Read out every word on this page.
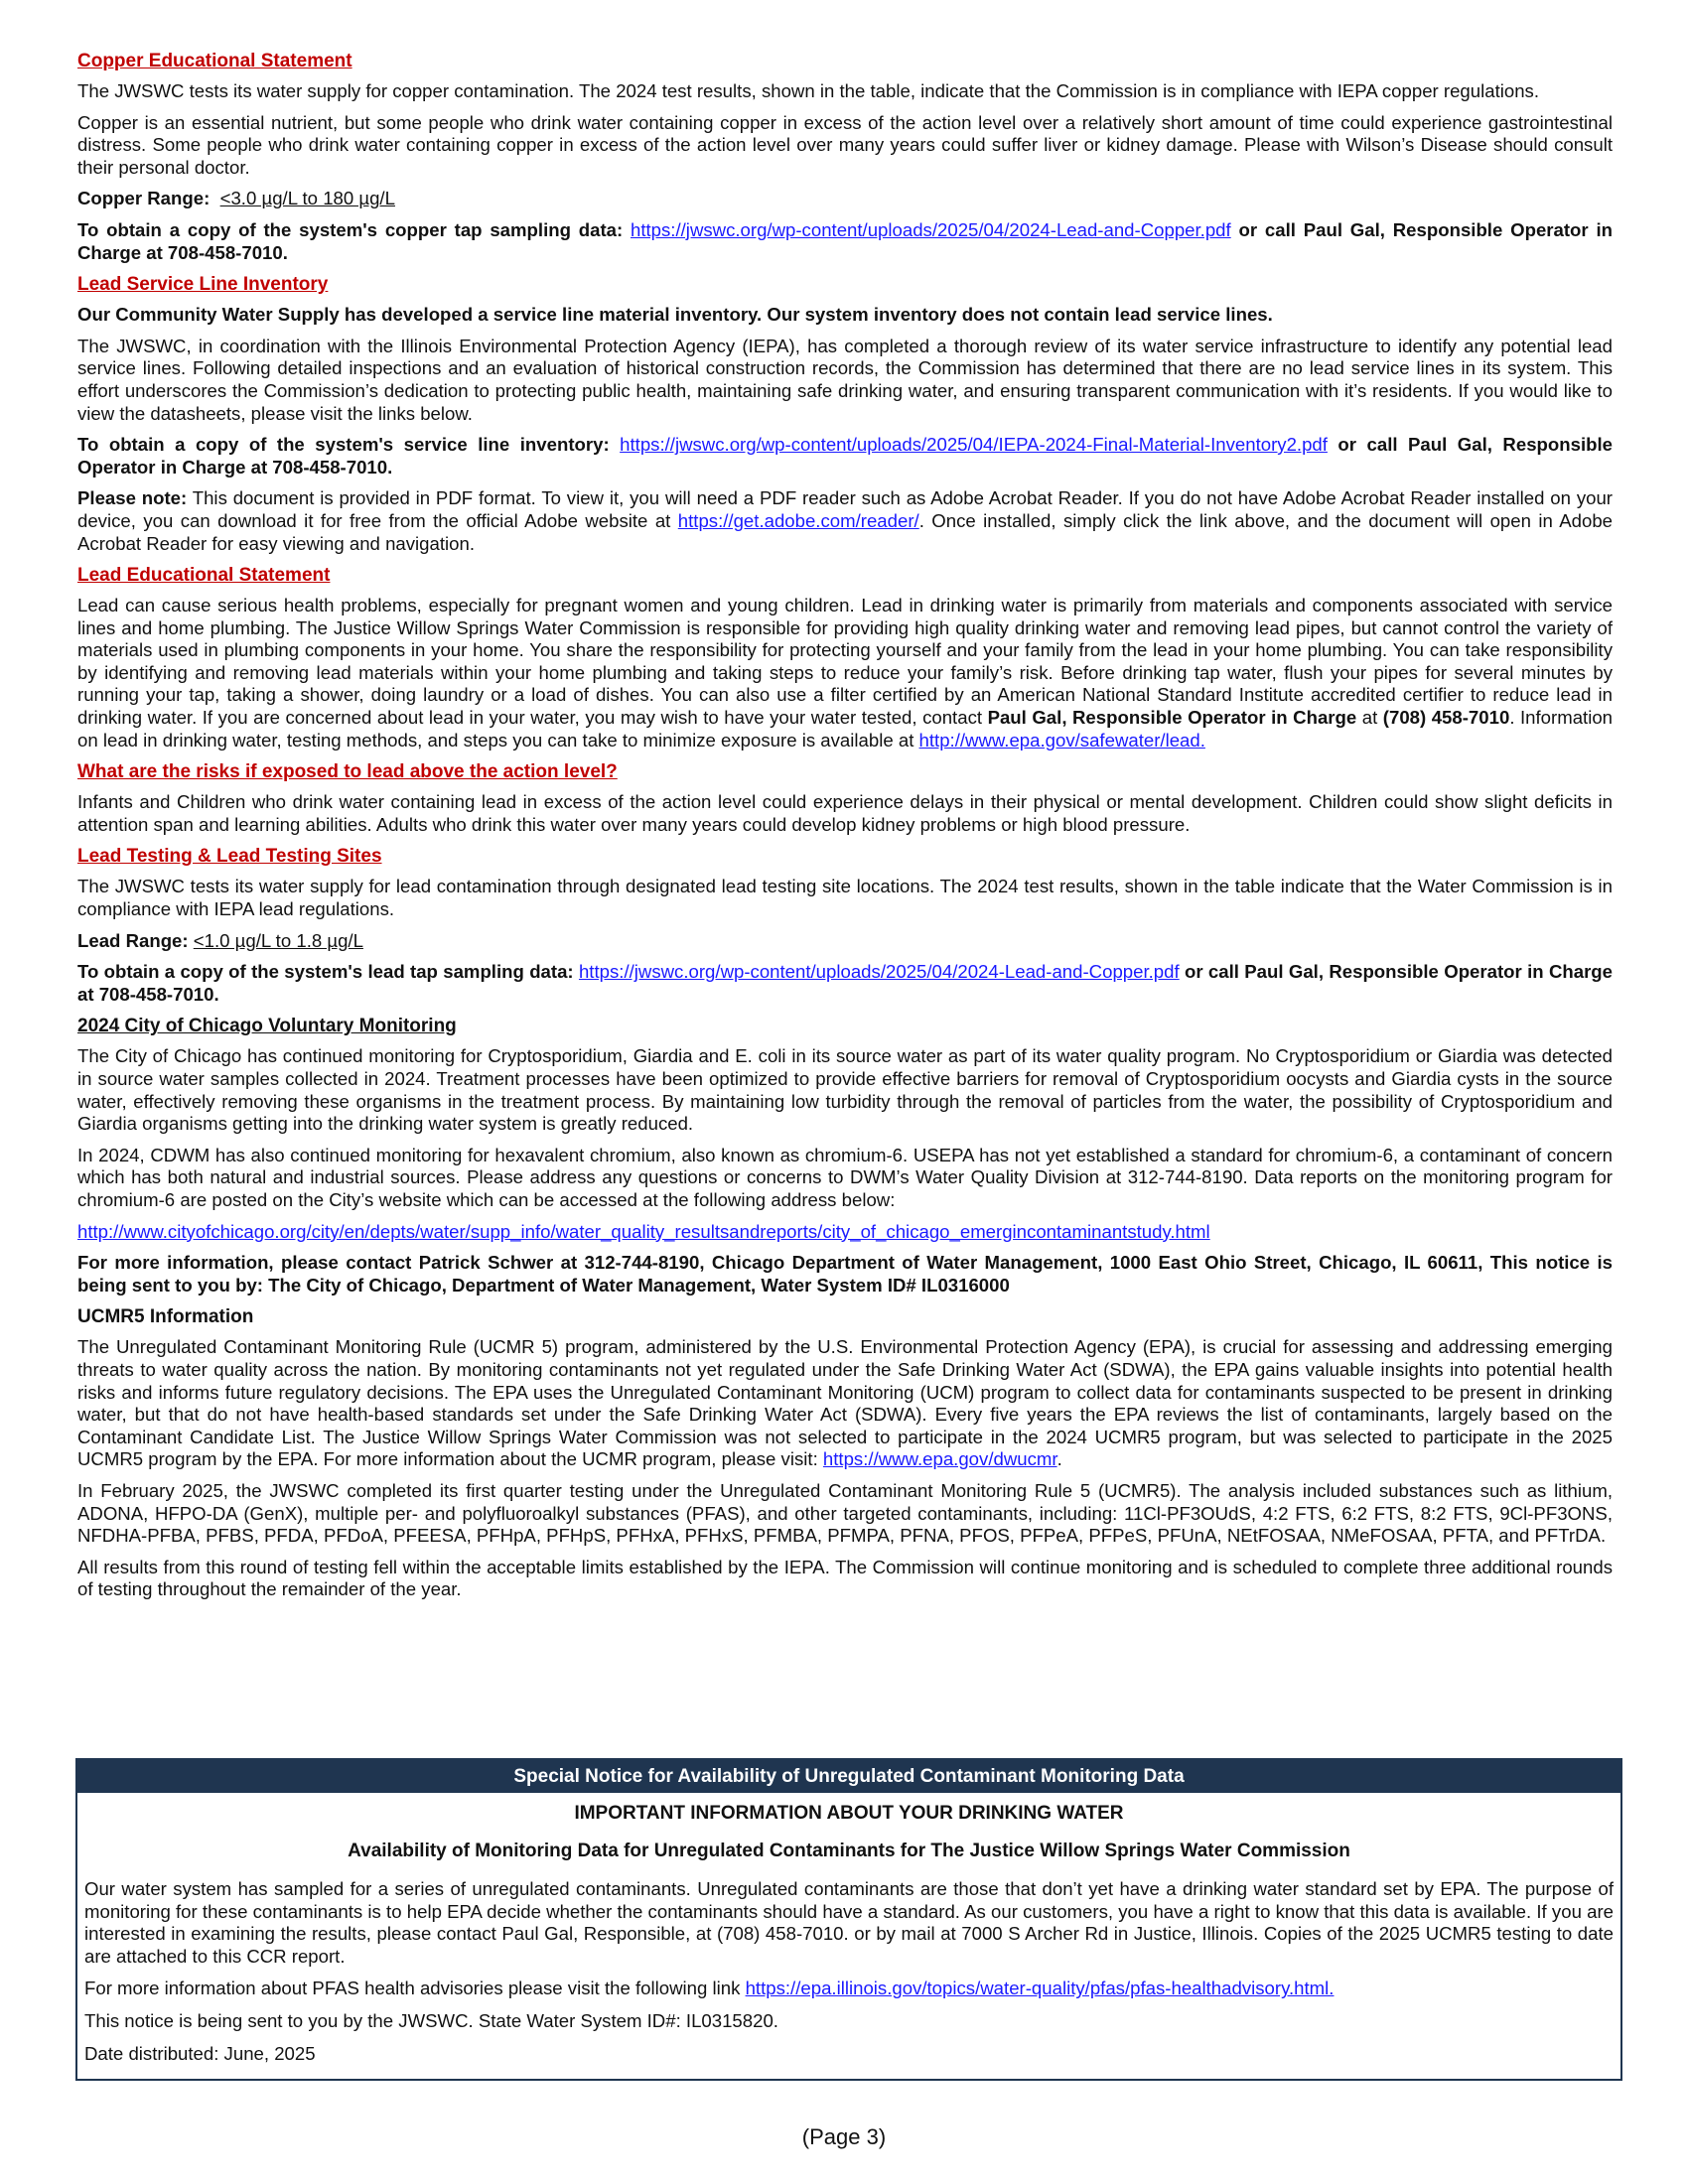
Copper Educational Statement

The JWSWC tests its water supply for copper contamination. The 2024 test results, shown in the table, indicate that the Commission is in compliance with IEPA copper regulations.

Copper is an essential nutrient, but some people who drink water containing copper in excess of the action level over a relatively short amount of time could experience gastrointestinal distress. Some people who drink water containing copper in excess of the action level over many years could suffer liver or kidney damage. Please with Wilson’s Disease should consult their personal doctor.

Copper Range: <3.0 µg/L to 180 µg/L

To obtain a copy of the system's copper tap sampling data: https://jwswc.org/wp-content/uploads/2025/04/2024-Lead-and-Copper.pdf or call Paul Gal, Responsible Operator in Charge at 708-458-7010.

Lead Service Line Inventory

Our Community Water Supply has developed a service line material inventory. Our system inventory does not contain lead service lines.

The JWSWC, in coordination with the Illinois Environmental Protection Agency (IEPA), has completed a thorough review of its water service infrastructure to identify any potential lead service lines. Following detailed inspections and an evaluation of historical construction records, the Commission has determined that there are no lead service lines in its system. This effort underscores the Commission’s dedication to protecting public health, maintaining safe drinking water, and ensuring transparent communication with it’s residents. If you would like to view the datasheets, please visit the links below.

To obtain a copy of the system's service line inventory: https://jwswc.org/wp-content/uploads/2025/04/IEPA-2024-Final-Material-Inventory2.pdf or call Paul Gal, Responsible Operator in Charge at 708-458-7010.

Please note: This document is provided in PDF format. To view it, you will need a PDF reader such as Adobe Acrobat Reader. If you do not have Adobe Acrobat Reader installed on your device, you can download it for free from the official Adobe website at https://get.adobe.com/reader/. Once installed, simply click the link above, and the document will open in Adobe Acrobat Reader for easy viewing and navigation.

Lead Educational Statement

Lead can cause serious health problems, especially for pregnant women and young children. Lead in drinking water is primarily from materials and components associated with service lines and home plumbing. The Justice Willow Springs Water Commission is responsible for providing high quality drinking water and removing lead pipes, but cannot control the variety of materials used in plumbing components in your home. You share the responsibility for protecting yourself and your family from the lead in your home plumbing. You can take responsibility by identifying and removing lead materials within your home plumbing and taking steps to reduce your family’s risk. Before drinking tap water, flush your pipes for several minutes by running your tap, taking a shower, doing laundry or a load of dishes. You can also use a filter certified by an American National Standard Institute accredited certifier to reduce lead in drinking water. If you are concerned about lead in your water, you may wish to have your water tested, contact Paul Gal, Responsible Operator in Charge at (708) 458-7010. Information on lead in drinking water, testing methods, and steps you can take to minimize exposure is available at http://www.epa.gov/safewater/lead.

What are the risks if exposed to lead above the action level?

Infants and Children who drink water containing lead in excess of the action level could experience delays in their physical or mental development. Children could show slight deficits in attention span and learning abilities. Adults who drink this water over many years could develop kidney problems or high blood pressure.

Lead Testing & Lead Testing Sites

The JWSWC tests its water supply for lead contamination through designated lead testing site locations. The 2024 test results, shown in the table indicate that the Water Commission is in compliance with IEPA lead regulations.

Lead Range: <1.0 µg/L to 1.8 µg/L

To obtain a copy of the system's lead tap sampling data: https://jwswc.org/wp-content/uploads/2025/04/2024-Lead-and-Copper.pdf or call Paul Gal, Responsible Operator in Charge at 708-458-7010.

2024 City of Chicago Voluntary Monitoring

The City of Chicago has continued monitoring for Cryptosporidium, Giardia and E. coli in its source water as part of its water quality program. No Cryptosporidium or Giardia was detected in source water samples collected in 2024. Treatment processes have been optimized to provide effective barriers for removal of Cryptosporidium oocysts and Giardia cysts in the source water, effectively removing these organisms in the treatment process. By maintaining low turbidity through the removal of particles from the water, the possibility of Cryptosporidium and Giardia organisms getting into the drinking water system is greatly reduced.

In 2024, CDWM has also continued monitoring for hexavalent chromium, also known as chromium-6. USEPA has not yet established a standard for chromium-6, a contaminant of concern which has both natural and industrial sources. Please address any questions or concerns to DWM’s Water Quality Division at 312-744-8190. Data reports on the monitoring program for chromium-6 are posted on the City’s website which can be accessed at the following address below:

http://www.cityofchicago.org/city/en/depts/water/supp_info/water_quality_resultsandreports/city_of_chicago_emergincontaminantstudy.html

For more information, please contact Patrick Schwer at 312-744-8190, Chicago Department of Water Management, 1000 East Ohio Street, Chicago, IL 60611, This notice is being sent to you by: The City of Chicago, Department of Water Management, Water System ID# IL0316000

UCMR5 Information

The Unregulated Contaminant Monitoring Rule (UCMR 5) program, administered by the U.S. Environmental Protection Agency (EPA), is crucial for assessing and addressing emerging threats to water quality across the nation. By monitoring contaminants not yet regulated under the Safe Drinking Water Act (SDWA), the EPA gains valuable insights into potential health risks and informs future regulatory decisions. The EPA uses the Unregulated Contaminant Monitoring (UCM) program to collect data for contaminants suspected to be present in drinking water, but that do not have health-based standards set under the Safe Drinking Water Act (SDWA). Every five years the EPA reviews the list of contaminants, largely based on the Contaminant Candidate List. The Justice Willow Springs Water Commission was not selected to participate in the 2024 UCMR5 program, but was selected to participate in the 2025 UCMR5 program by the EPA. For more information about the UCMR program, please visit: https://www.epa.gov/dwucmr.

In February 2025, the JWSWC completed its first quarter testing under the Unregulated Contaminant Monitoring Rule 5 (UCMR5). The analysis included substances such as lithium, ADONA, HFPO-DA (GenX), multiple per- and polyfluoroalkyl substances (PFAS), and other targeted contaminants, including: 11Cl-PF3OUdS, 4:2 FTS, 6:2 FTS, 8:2 FTS, 9Cl-PF3ONS, NFDHA-PFBA, PFBS, PFDA, PFDoA, PFEESA, PFHpA, PFHpS, PFHxA, PFHxS, PFMBA, PFMPA, PFNA, PFOS, PFPeA, PFPeS, PFUnA, NEtFOSAA, NMeFOSAA, PFTA, and PFTrDA.

All results from this round of testing fell within the acceptable limits established by the IEPA. The Commission will continue monitoring and is scheduled to complete three additional rounds of testing throughout the remainder of the year.

Special Notice for Availability of Unregulated Contaminant Monitoring Data
IMPORTANT INFORMATION ABOUT YOUR DRINKING WATER
Availability of Monitoring Data for Unregulated Contaminants for The Justice Willow Springs Water Commission

Our water system has sampled for a series of unregulated contaminants. Unregulated contaminants are those that don’t yet have a drinking water standard set by EPA. The purpose of monitoring for these contaminants is to help EPA decide whether the contaminants should have a standard. As our customers, you have a right to know that this data is available. If you are interested in examining the results, please contact Paul Gal, Responsible, at (708) 458-7010. or by mail at 7000 S Archer Rd in Justice, Illinois. Copies of the 2025 UCMR5 testing to date are attached to this CCR report.

For more information about PFAS health advisories please visit the following link https://epa.illinois.gov/topics/water-quality/pfas/pfas-healthadvisory.html.

This notice is being sent to you by the JWSWC. State Water System ID#: IL0315820.

Date distributed: June, 2025

(Page 3)
